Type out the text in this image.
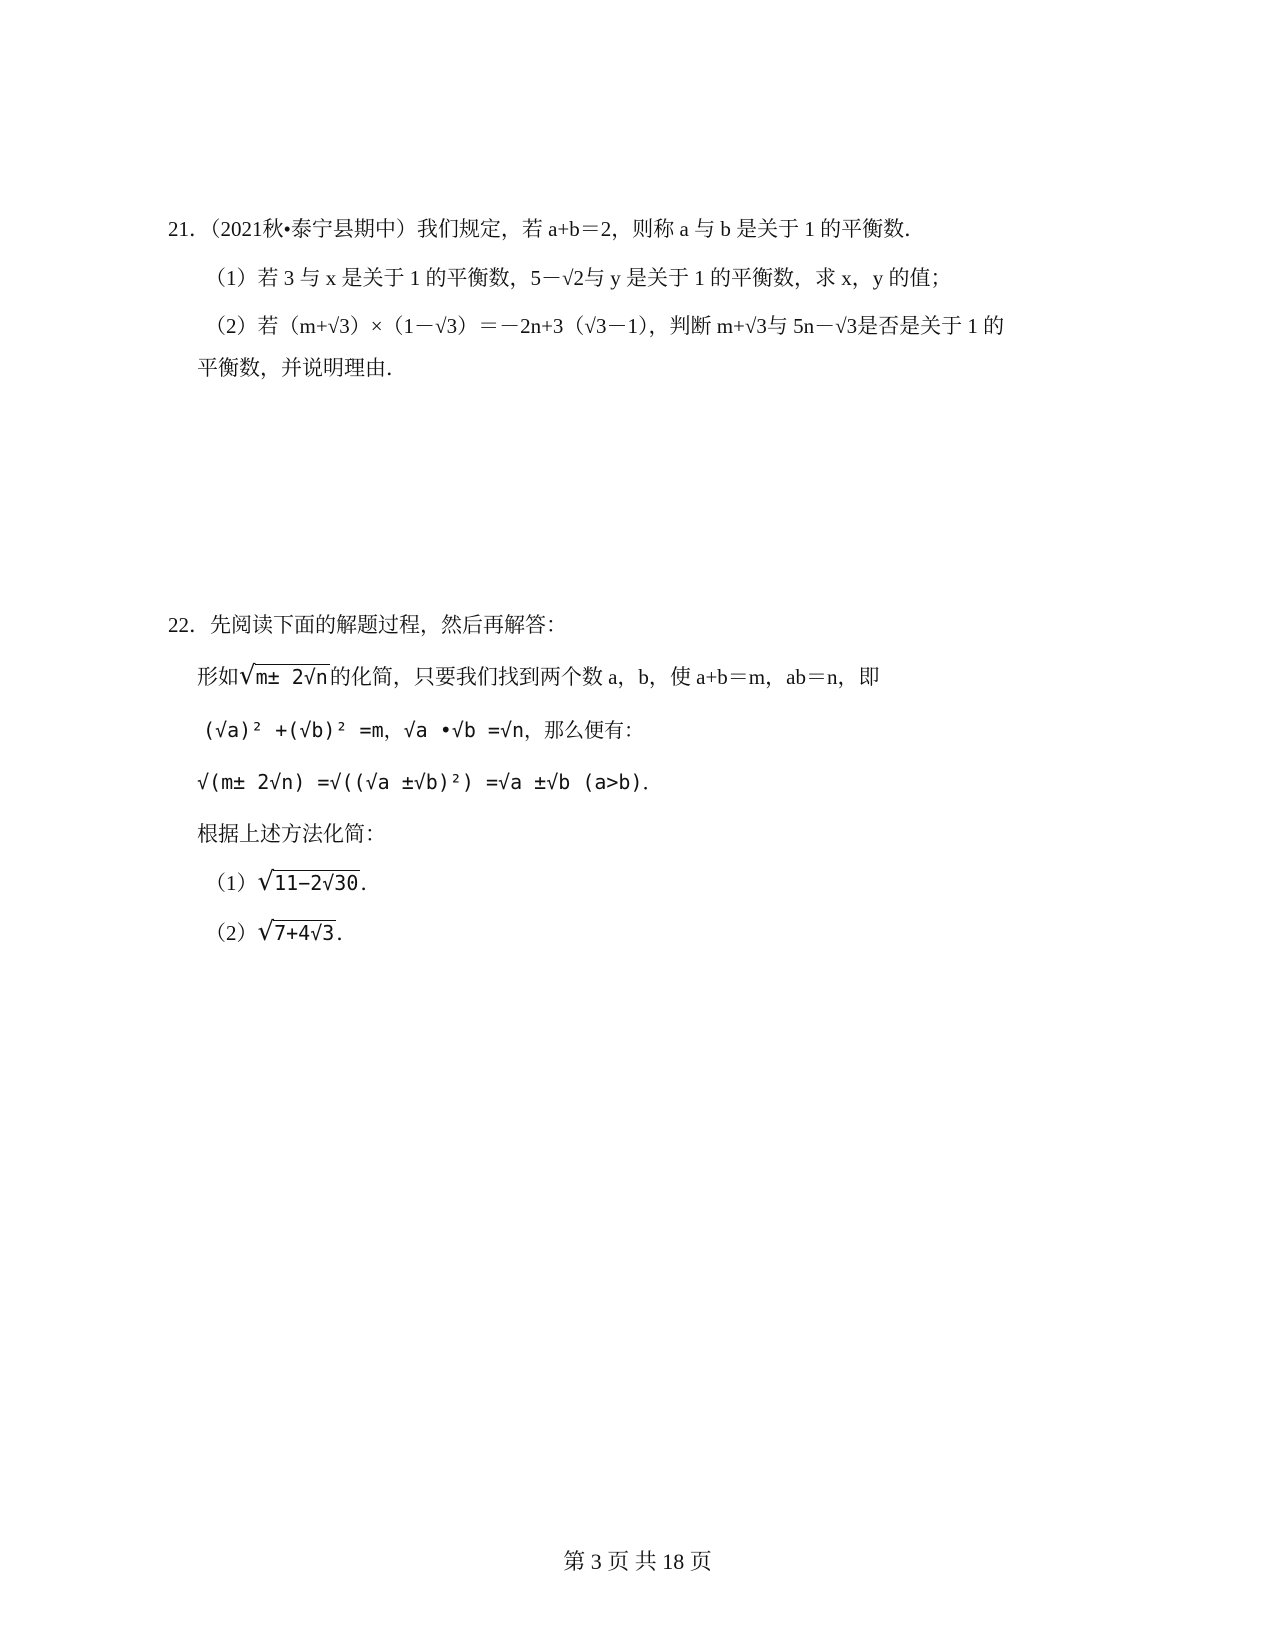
21．（2021秋•泰宁县期中）我们规定，若 a+b＝2，则称 a 与 b 是关于 1 的平衡数．
（1）若 3 与 x 是关于 1 的平衡数，5－√2与 y 是关于 1 的平衡数，求 x，y 的值；
（2）若（m+√3）×（1－√3）＝－2n+3（√3－1），判断 m+√3与 5n－√3是否是关于 1 的
平衡数，并说明理由．
22．先阅读下面的解题过程，然后再解答：
形如√m± 2√n的化简，只要我们找到两个数 a，b，使 a+b＝m，ab＝n，即
(√a)² +(√b)² =m，√a •√b =√n，那么便有：
√(m± 2√n) =√((√a ±√b)²) =√a ±√b (a>b)．
根据上述方法化简：
（1）√11−2√30．
（2）√7+4√3．
第 3 页 共 18 页
